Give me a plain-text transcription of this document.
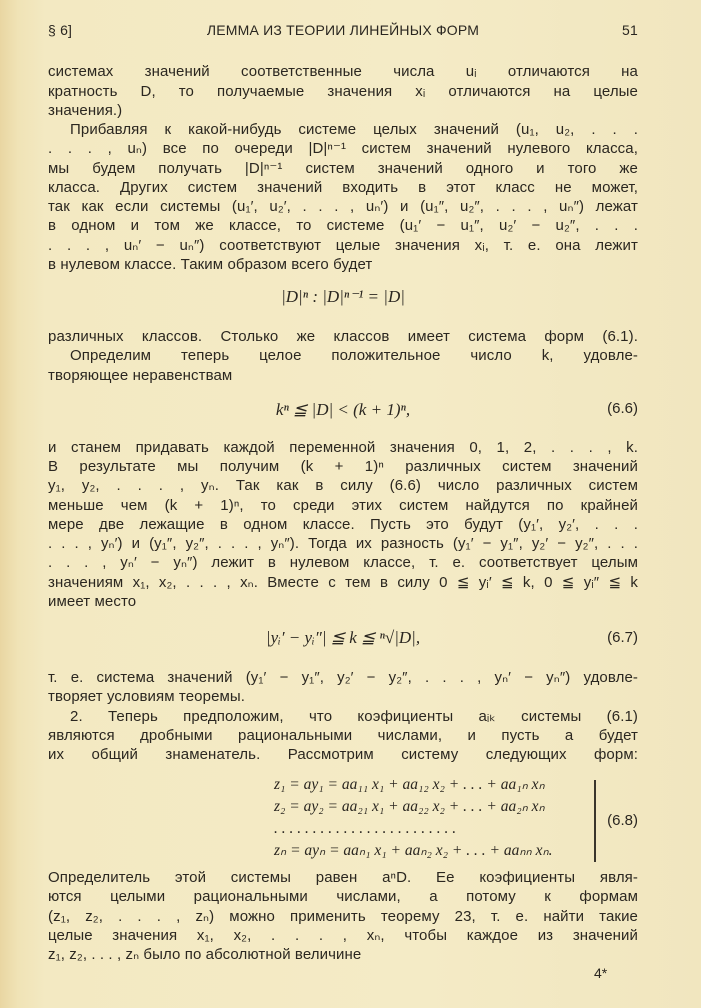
§ 6]	ЛЕММА ИЗ ТЕОРИИ ЛИНЕЙНЫХ ФОРМ	51
системах значений соответственные числа uᵢ отличаются на
кратность D, то получаемые значения xᵢ отличаются на целые
значения.)
Прибавляя к какой-нибудь системе целых значений (u₁, u₂, . . .
. . . , uₙ) все по очереди |D|ⁿ⁻¹ систем значений нулевого класса,
мы будем получать |D|ⁿ⁻¹ систем значений одного и того же
класса. Других систем значений входить в этот класс не может,
так как если системы (u₁′, u₂′, . . . , uₙ′) и (u₁″, u₂″, . . . , uₙ″) лежат
в одном и том же классе, то системе (u₁′ − u₁″, u₂′ − u₂″, . . .
. . . , uₙ′ − uₙ″) соответствуют целые значения xᵢ, т. е. она лежит
в нулевом классе. Таким образом всего будет
|D|ⁿ : |D|ⁿ⁻¹ = |D|
различных классов. Столько же классов имеет система форм (6.1).
Определим теперь целое положительное число k, удовле-
творяющее неравенствам
kⁿ ≦ |D| < (k + 1)ⁿ,	(6.6)
и станем придавать каждой переменной значения 0, 1, 2, . . . , k.
В результате мы получим (k + 1)ⁿ различных систем значений
y₁, y₂, . . . , yₙ. Так как в силу (6.6) число различных систем
меньше чем (k + 1)ⁿ, то среди этих систем найдутся по крайней
мере две лежащие в одном классе. Пусть это будут (y₁′, y₂′, . . .
. . . , yₙ′) и (y₁″, y₂″, . . . , yₙ″). Тогда их разность (y₁′ − y₁″, y₂′ − y₂″, . . .
. . . , yₙ′ − yₙ″) лежит в нулевом классе, т. е. соответствует целым
значениям x₁, x₂, . . . , xₙ. Вместе с тем в силу 0 ≦ yᵢ′ ≦ k, 0 ≦ yᵢ″ ≦ k
имеет место
|yᵢ′ − yᵢ″| ≦ k ≦ ⁿ√|D|,	(6.7)
т. е. система значений (y₁′ − y₁″, y₂′ − y₂″, . . . , yₙ′ − yₙ″) удовле-
творяет условиям теоремы.
2. Теперь предположим, что коэфициенты aᵢₖ системы (6.1)
являются дробными рациональными числами, и пусть a будет
их общий знаменатель. Рассмотрим систему следующих форм:
z₁ = ay₁ = aa₁₁ x₁ + aa₁₂ x₂ + . . . + aa₁ₙ xₙ
z₂ = ay₂ = aa₂₁ x₁ + aa₂₂ x₂ + . . . + aa₂ₙ xₙ
. . . . . . . . . . . . . . . . . . . . . . . .
zₙ = ayₙ = aaₙ₁ x₁ + aaₙ₂ x₂ + . . . + aaₙₙ xₙ.
(6.8)
Определитель этой системы равен aⁿD. Ее коэфициенты явля-
ются целыми рациональными числами, а потому к формам
(z₁, z₂, . . . , zₙ) можно применить теорему 23, т. е. найти такие
целые значения x₁, x₂, . . . , xₙ, чтобы каждое из значений
z₁, z₂, . . . , zₙ было по абсолютной величине
4*
